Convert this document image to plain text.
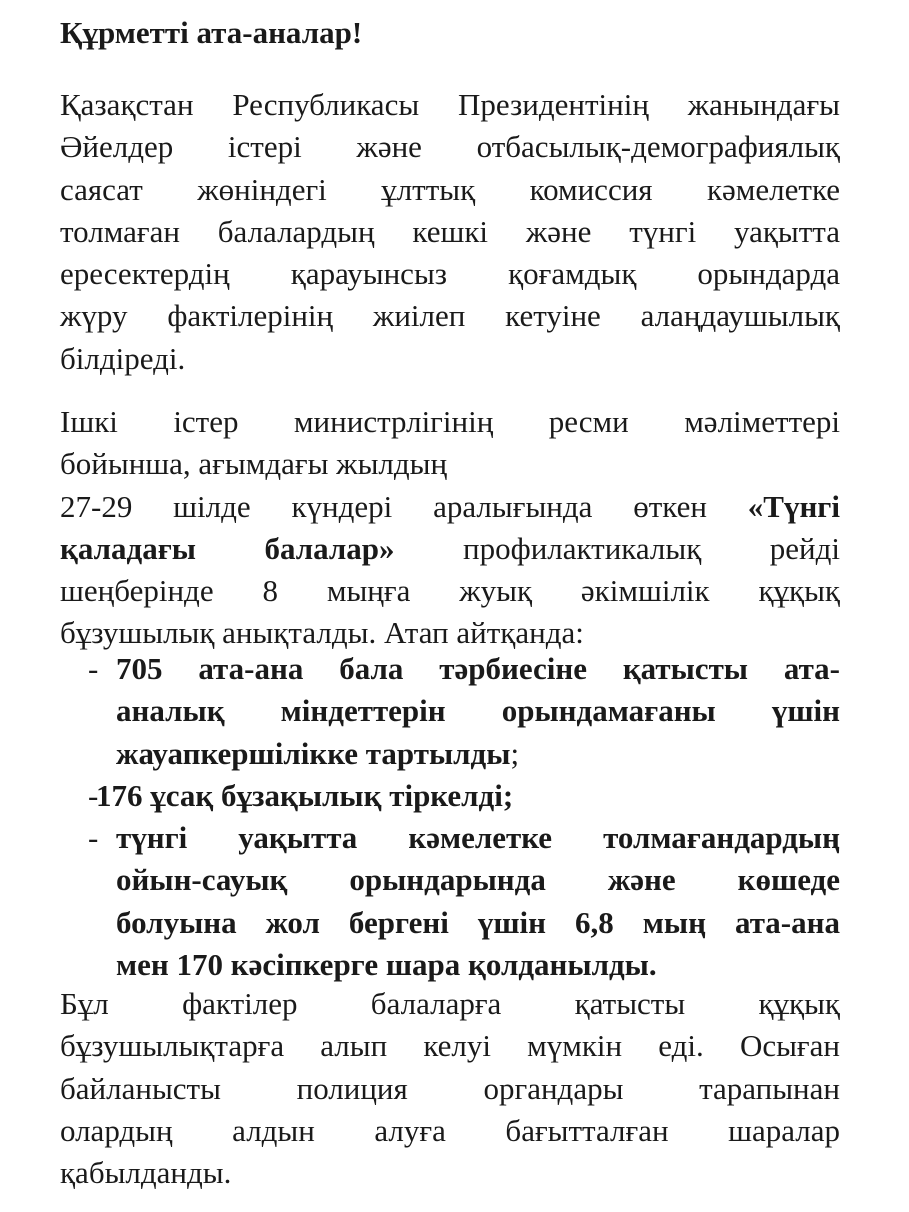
Құрметті ата-аналар!

Қазақстан Республикасы Президентінің жанындағы
Әйелдер істері және отбасылық-демографиялық
саясат жөніндегі ұлттық комиссия кәмелетке
толмаған балалардың кешкі және түнгі уақытта
ересектердің қарауынсыз қоғамдық орындарда
жүру фактілерінің жиілеп кетуіне алаңдаушылық
білдіреді.

Ішкі істер министрлігінің ресми мәліметтері
бойынша, ағымдағы жылдың
27-29 шілде күндері аралығында өткен «Түнгі
қаладағы балалар» профилактикалық рейді
шеңберінде 8 мыңға жуық әкімшілік құқық
бұзушылық анықталды. Атап айтқанда:

- 705 ата-ана бала тәрбиесіне қатысты ата-
аналық міндеттерін орындамағаны үшін
жауапкершілікке тартылды;
-
176 ұсақ бұзақылық тіркелді;
- түнгі уақытта кәмелетке толмағандардың
ойын-сауық орындарында және көшеде
болуына жол бергені үшін 6,8 мың ата-ана
мен 170 кәсіпкерге шара қолданылды.

Бұл фактілер балаларға қатысты құқық
бұзушылықтарға алып келуі мүмкін еді. Осыған
байланысты полиция органдары тарапынан
олардың алдын алуға бағытталған шаралар
қабылданды.
